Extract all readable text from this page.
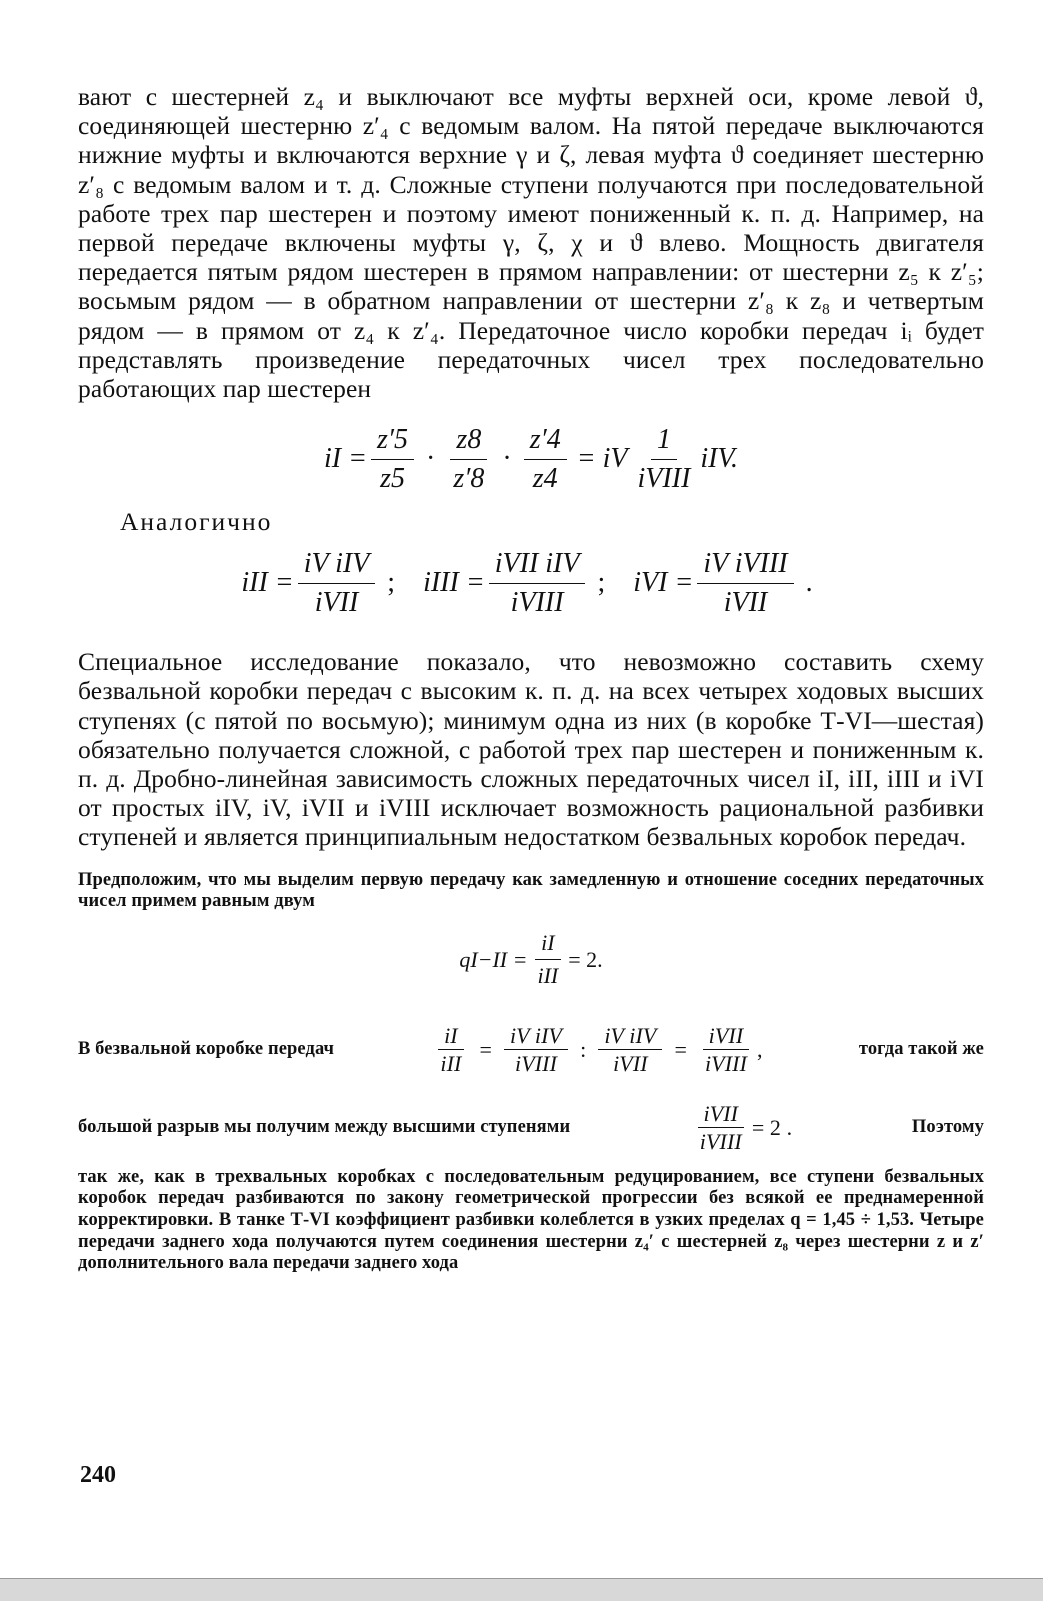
вают с шестерней z₄ и выключают все муфты верхней оси, кроме левой ϑ, соединяющей шестерню z′₄ с ведомым валом. На пятой передаче выключаются нижние муфты и включаются верхние γ и ζ, левая муфта ϑ соединяет шестерню z′₈ с ведомым валом и т. д. Сложные ступени получаются при последовательной работе трех пар шестерен и поэтому имеют пониженный к. п. д. Например, на первой передаче включены муфты γ, ζ, χ и ϑ влево. Мощность двигателя передается пятым рядом шестерен в прямом направлении: от шестерни z₅ к z′₅; восьмым рядом — в обратном направлении от шестерни z′₈ к z₈ и четвертым рядом — в прямом от z₄ к z′₄. Передаточное число коробки передач iᵢ будет представлять произведение передаточных чисел трех последовательно работающих пар шестерен

iI = $\frac{z'5}{z5} \cdot \frac{z8}{z'8} \cdot \frac{z'4}{z4}$ = iV $\frac{1}{\text{iVIII}}$ iIV.
Аналогично
iII = $\frac{\text{iV iIV}}{\text{iVII}}$ ; iIII = $\frac{\text{iVII iIV}}{\text{iVIII}}$ ; iVI = $\frac{\text{iV iVIII}}{\text{iVII}}$ .

Специальное исследование показало, что невозможно составить схему безвальной коробки передач с высоким к. п. д. на всех четырех ходовых высших ступенях (с пятой по восьмую); минимум одна из них (в коробке Т-VI—шестая) обязательно получается сложной, с работой трех пар шестерен и пониженным к. п. д. Дробно-линейная зависимость сложных передаточных чисел iI, iII, iIII и iVI от простых iIV, iV, iVII и iVIII исключает возможность рациональной разбивки ступеней и является принципиальным недостатком безвальных коробок передач.

Предположим, что мы выделим первую передачу как замедленную и отношение соседних передаточных чисел примем равным двум

$qI-II = \frac{iI}{\text{iII}} = 2$.
В безвальной коробке передач	$\frac{iI}{\text{iII}} = \frac{\text{iV iIV}}{\text{iVIII}}$ : $\frac{\text{iV iIV}}{\text{iVII}} = \frac{\text{iVII}}{\text{iVIII}}$ ,	тогда такой же
большой разрыв мы получим между высшими ступенями	$\frac{\text{iVII}}{\text{iVIII}} = 2$ .	Поэтому

так же, как в трехвальных коробках с последовательным редуцированием, все ступени безвальных коробок передач разбиваются по закону геометрической прогрессии без всякой ее преднамеренной корректировки. В танке Т-VI коэффициент разбивки колеблется в узких пределах q = 1,45 ÷ 1,53. Четыре передачи заднего хода получаются путем соединения шестерни z₄′ с шестерней z₈ через шестерни z и z′ дополнительного вала передачи заднего хода

240
